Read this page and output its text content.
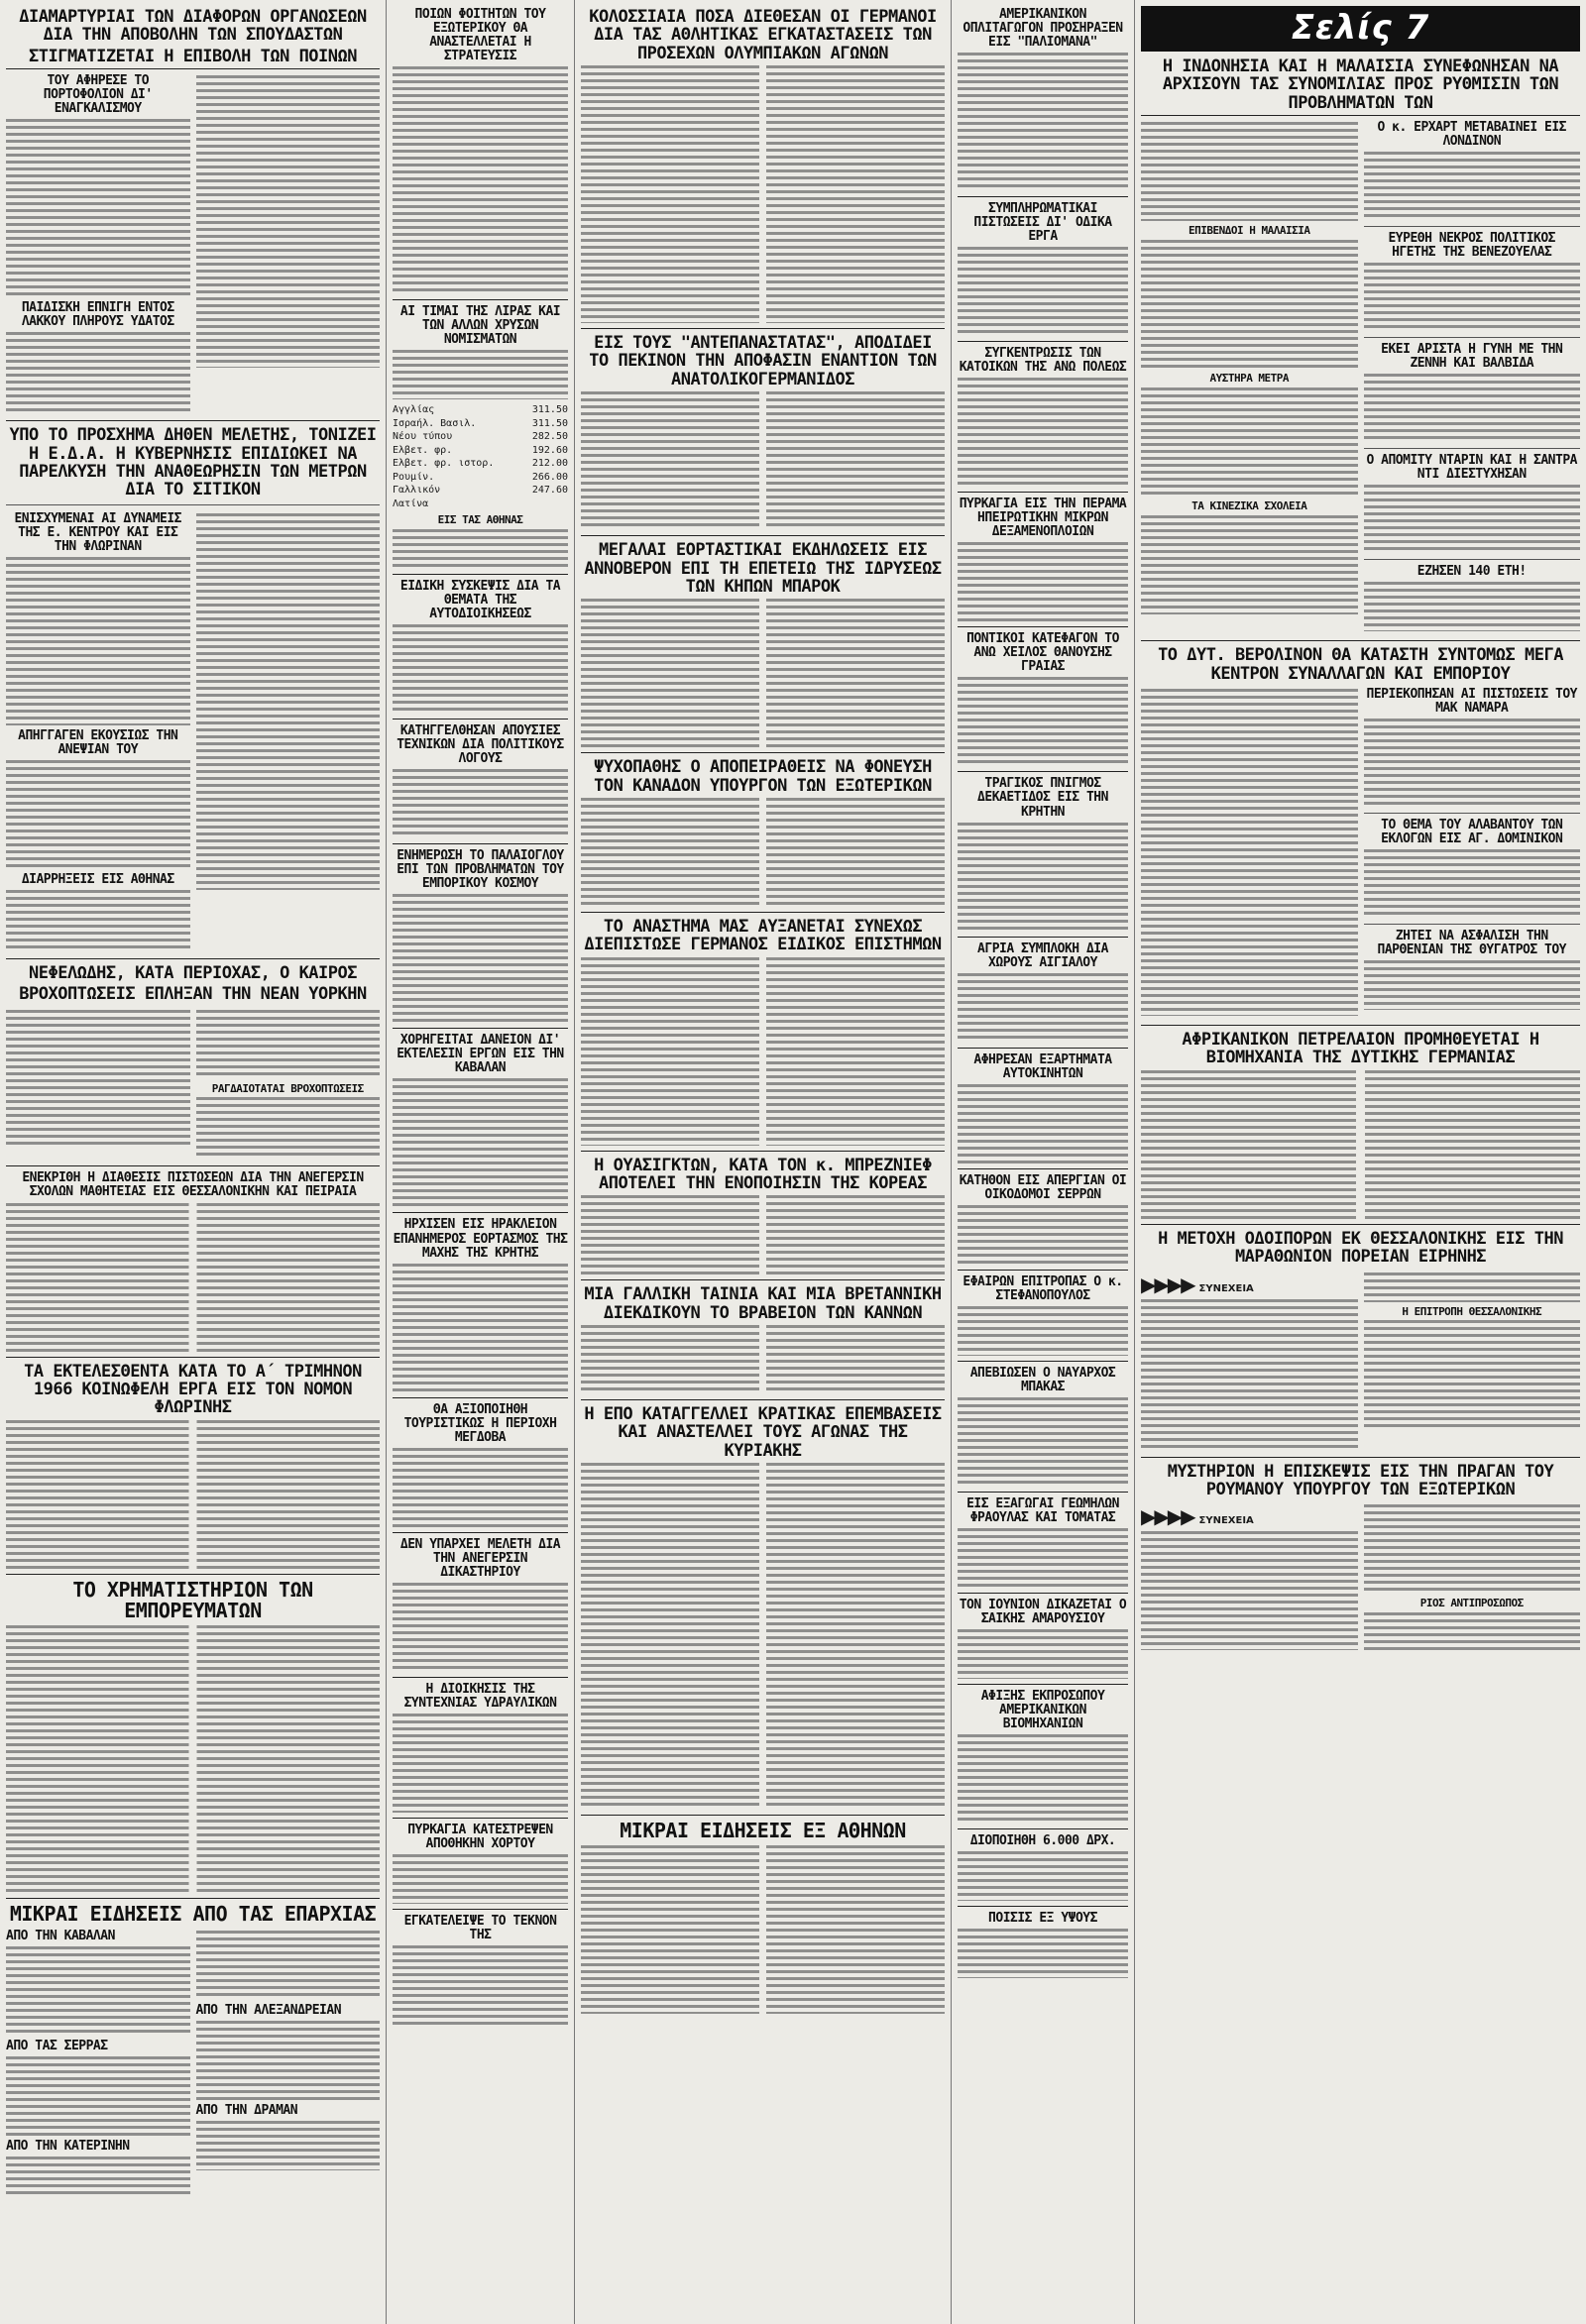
ΔΙΑΜΑΡΤΥΡΙΑΙ ΤΩΝ ΔΙΑΦΟΡΩΝ ΟΡΓΑΝΩΣΕΩΝ ΔΙΑ ΤΗΝ ΑΠΟΒΟΛΗΝ ΤΩΝ ΣΠΟΥΔΑΣΤΩΝ
ΣΤΙΓΜΑΤΙΖΕΤΑΙ Η ΕΠΙΒΟΛΗ ΤΩΝ ΠΟΙΝΩΝ
ΤΟΥ ΑΦΗΡΕΣΕ ΤΟ ΠΟΡΤΟΦΟΛΙΟΝ ΔΙ' ΕΝΑΓΚΑΛΙΣΜΟΥ
ΠΑΙΔΙΣΚΗ ΕΠΝΙΓΗ ΕΝΤΟΣ ΛΑΚΚΟΥ ΠΛΗΡΟΥΣ ΥΔΑΤΟΣ
ΥΠΟ ΤΟ ΠΡΟΣΧΗΜΑ ΔΗΘΕΝ ΜΕΛΕΤΗΣ, ΤΟΝΙΖΕΙ Η Ε.Δ.Α. Η ΚΥΒΕΡΝΗΣΙΣ ΕΠΙΔΙΩΚΕΙ ΝΑ ΠΑΡΕΛΚΥΣΗ ΤΗΝ ΑΝΑΘΕΩΡΗΣΙΝ ΤΩΝ ΜΕΤΡΩΝ ΔΙΑ ΤΟ ΣΙΤΙΚΟΝ
ΕΝΙΣΧΥΜΕΝΑΙ ΑΙ ΔΥΝΑΜΕΙΣ ΤΗΣ Ε. ΚΕΝΤΡΟΥ ΚΑΙ ΕΙΣ ΤΗΝ ΦΛΩΡΙΝΑΝ
ΑΠΗΓΓΑΓΕΝ ΕΚΟΥΣΙΩΣ ΤΗΝ ΑΝΕΨΙΑΝ ΤΟΥ
ΔΙΑΡΡΗΞΕΙΣ ΕΙΣ ΑΘΗΝΑΣ
ΝΕΦΕΛΩΔΗΣ, ΚΑΤΑ ΠΕΡΙΟΧΑΣ, Ο ΚΑΙΡΟΣ
ΒΡΟΧΟΠΤΩΣΕΙΣ ΕΠΛΗΞΑΝ ΤΗΝ ΝΕΑΝ ΥΟΡΚΗΝ
ΡΑΓΔΑΙΟΤΑΤΑΙ ΒΡΟΧΟΠΤΩΣΕΙΣ
ΕΝΕΚΡΙΘΗ Η ΔΙΑΘΕΣΙΣ ΠΙΣΤΩΣΕΩΝ ΔΙΑ ΤΗΝ ΑΝΕΓΕΡΣΙΝ ΣΧΟΛΩΝ ΜΑΘΗΤΕΙΑΣ ΕΙΣ ΘΕΣΣΑΛΟΝΙΚΗΝ ΚΑΙ ΠΕΙΡΑΙΑ
ΤΑ ΕΚΤΕΛΕΣΘΕΝΤΑ ΚΑΤΑ ΤΟ Α΄ ΤΡΙΜΗΝΟΝ 1966 ΚΟΙΝΩΦΕΛΗ ΕΡΓΑ ΕΙΣ ΤΟΝ ΝΟΜΟΝ ΦΛΩΡΙΝΗΣ
ΤΟ ΧΡΗΜΑΤΙΣΤΗΡΙΟΝ ΤΩΝ ΕΜΠΟΡΕΥΜΑΤΩΝ
ΜΙΚΡΑΙ ΕΙΔΗΣΕΙΣ ΑΠΟ ΤΑΣ ΕΠΑΡΧΙΑΣ
ΑΠΟ ΤΗΝ ΚΑΒΑΛΑΝ
ΑΠΟ ΤΑΣ ΣΕΡΡΑΣ
ΑΠΟ ΤΗΝ ΚΑΤΕΡΙΝΗΝ
ΑΠΟ ΤΗΝ ΑΛΕΞΑΝΔΡΕΙΑΝ
ΑΠΟ ΤΗΝ ΔΡΑΜΑΝ
ΠΟΙΩΝ ΦΟΙΤΗΤΩΝ ΤΟΥ ΕΞΩΤΕΡΙΚΟΥ ΘΑ ΑΝΑΣΤΕΛΛΕΤΑΙ Η ΣΤΡΑΤΕΥΣΙΣ
ΑΙ ΤΙΜΑΙ ΤΗΣ ΛΙΡΑΣ ΚΑΙ ΤΩΝ ΑΛΛΩΝ ΧΡΥΣΩΝ ΝΟΜΙΣΜΑΤΩΝ
Αγγλίας	311.50
Ισραήλ. Βασιλ.	311.50
Νέου τύπου	282.50
Ελβετ. φρ.	192.60
Ελβετ. φρ. ιστορ.	212.00
Ρουμίν.	266.00
Γαλλικόν	247.60
Λατίνα
ΕΙΣ ΤΑΣ ΑΘΗΝΑΣ
ΕΙΔΙΚΗ ΣΥΣΚΕΨΙΣ ΔΙΑ ΤΑ ΘΕΜΑΤΑ ΤΗΣ ΑΥΤΟΔΙΟΙΚΗΣΕΩΣ
ΚΑΤΗΓΓΕΛΘΗΣΑΝ ΑΠΟΥΣΙΕΣ ΤΕΧΝΙΚΩΝ ΔΙΑ ΠΟΛΙΤΙΚΟΥΣ ΛΟΓΟΥΣ
ΕΝΗΜΕΡΩΣΗ ΤΟ ΠΑΛΑΙΟΓΛΟΥ ΕΠΙ ΤΩΝ ΠΡΟΒΛΗΜΑΤΩΝ ΤΟΥ ΕΜΠΟΡΙΚΟΥ ΚΟΣΜΟΥ
ΧΟΡΗΓΕΙΤΑΙ ΔΑΝΕΙΟΝ ΔΙ' ΕΚΤΕΛΕΣΙΝ ΕΡΓΩΝ ΕΙΣ ΤΗΝ ΚΑΒΑΛΑΝ
ΗΡΧΙΣΕΝ ΕΙΣ ΗΡΑΚΛΕΙΟΝ ΕΠΑΝΗΜΕΡΟΣ ΕΟΡΤΑΣΜΟΣ ΤΗΣ ΜΑΧΗΣ ΤΗΣ ΚΡΗΤΗΣ
ΘΑ ΑΞΙΟΠΟΙΗΘΗ ΤΟΥΡΙΣΤΙΚΩΣ Η ΠΕΡΙΟΧΗ ΜΕΓΔΟΒΑ
ΔΕΝ ΥΠΑΡΧΕΙ ΜΕΛΕΤΗ ΔΙΑ ΤΗΝ ΑΝΕΓΕΡΣΙΝ ΔΙΚΑΣΤΗΡΙΟΥ
Η ΔΙΟΙΚΗΣΙΣ ΤΗΣ ΣΥΝΤΕΧΝΙΑΣ ΥΔΡΑΥΛΙΚΩΝ
ΠΥΡΚΑΓΙΑ ΚΑΤΕΣΤΡΕΨΕΝ ΑΠΟΘΗΚΗΝ ΧΟΡΤΟΥ
ΕΓΚΑΤΕΛΕΙΨΕ ΤΟ ΤΕΚΝΟΝ ΤΗΣ
ΚΟΛΟΣΣΙΑΙΑ ΠΟΣΑ ΔΙΕΘΕΣΑΝ ΟΙ ΓΕΡΜΑΝΟΙ ΔΙΑ ΤΑΣ ΑΘΛΗΤΙΚΑΣ ΕΓΚΑΤΑΣΤΑΣΕΙΣ ΤΩΝ ΠΡΟΣΕΧΩΝ ΟΛΥΜΠΙΑΚΩΝ ΑΓΩΝΩΝ
ΕΙΣ ΤΟΥΣ "ΑΝΤΕΠΑΝΑΣΤΑΤΑΣ", ΑΠΟΔΙΔΕΙ ΤΟ ΠΕΚΙΝΟΝ ΤΗΝ ΑΠΟΦΑΣΙΝ ΕΝΑΝΤΙΟΝ ΤΩΝ ΑΝΑΤΟΛΙΚΟΓΕΡΜΑΝΙΔΟΣ
ΜΕΓΑΛΑΙ ΕΟΡΤΑΣΤΙΚΑΙ ΕΚΔΗΛΩΣΕΙΣ ΕΙΣ ΑΝΝΟΒΕΡΟΝ ΕΠΙ ΤΗ ΕΠΕΤΕΙΩ ΤΗΣ ΙΔΡΥΣΕΩΣ ΤΩΝ ΚΗΠΩΝ ΜΠΑΡΟΚ
ΨΥΧΟΠΑΘΗΣ Ο ΑΠΟΠΕΙΡΑΘΕΙΣ ΝΑ ΦΟΝΕΥΣΗ ΤΟΝ ΚΑΝΑΔΟΝ ΥΠΟΥΡΓΟΝ ΤΩΝ ΕΞΩΤΕΡΙΚΩΝ
ΤΟ ΑΝΑΣΤΗΜΑ ΜΑΣ ΑΥΞΑΝΕΤΑΙ ΣΥΝΕΧΩΣ ΔΙΕΠΙΣΤΩΣΕ ΓΕΡΜΑΝΟΣ ΕΙΔΙΚΟΣ ΕΠΙΣΤΗΜΩΝ
Η ΟΥΑΣΙΓΚΤΩΝ, ΚΑΤΑ ΤΟΝ κ. ΜΠΡΕΖΝΙΕΦ ΑΠΟΤΕΛΕΙ ΤΗΝ ΕΝΟΠΟΙΗΣΙΝ ΤΗΣ ΚΟΡΕΑΣ
ΜΙΑ ΓΑΛΛΙΚΗ ΤΑΙΝΙΑ ΚΑΙ ΜΙΑ ΒΡΕΤΑΝΝΙΚΗ ΔΙΕΚΔΙΚΟΥΝ ΤΟ ΒΡΑΒΕΙΟΝ ΤΩΝ ΚΑΝΝΩΝ
Η ΕΠΟ ΚΑΤΑΓΓΕΛΛΕΙ ΚΡΑΤΙΚΑΣ ΕΠΕΜΒΑΣΕΙΣ ΚΑΙ ΑΝΑΣΤΕΛΛΕΙ ΤΟΥΣ ΑΓΩΝΑΣ ΤΗΣ ΚΥΡΙΑΚΗΣ
ΜΙΚΡΑΙ ΕΙΔΗΣΕΙΣ ΕΞ ΑΘΗΝΩΝ
ΑΜΕΡΙΚΑΝΙΚΟΝ ΟΠΛΙΤΑΓΩΓΟΝ ΠΡΟΣΗΡΑΞΕΝ ΕΙΣ "ΠΑΛΙΟΜΑΝΑ"
ΣΥΜΠΛΗΡΩΜΑΤΙΚΑΙ ΠΙΣΤΩΣΕΙΣ ΔΙ' ΟΔΙΚΑ ΕΡΓΑ
ΣΥΓΚΕΝΤΡΩΣΙΣ ΤΩΝ ΚΑΤΟΙΚΩΝ ΤΗΣ ΑΝΩ ΠΟΛΕΩΣ
ΠΥΡΚΑΓΙΑ ΕΙΣ ΤΗΝ ΠΕΡΑΜΑ ΗΠΕΙΡΩΤΙΚΗΝ ΜΙΚΡΩΝ ΔΕΞΑΜΕΝΟΠΛΟΙΩΝ
ΠΟΝΤΙΚΟΙ ΚΑΤΕΦΑΓΟΝ ΤΟ ΑΝΩ ΧΕΙΛΟΣ ΘΑΝΟΥΣΗΣ ΓΡΑΙΑΣ
ΤΡΑΓΙΚΟΣ ΠΝΙΓΜΟΣ ΔΕΚΑΕΤΙΔΟΣ ΕΙΣ ΤΗΝ ΚΡΗΤΗΝ
ΑΓΡΙΑ ΣΥΜΠΛΟΚΗ ΔΙΑ ΧΩΡΟΥΣ ΑΙΓΙΑΛΟΥ
ΑΦΗΡΕΣΑΝ ΕΞΑΡΤΗΜΑΤΑ ΑΥΤΟΚΙΝΗΤΩΝ
ΚΑΤΗΘΟΝ ΕΙΣ ΑΠΕΡΓΙΑΝ ΟΙ ΟΙΚΟΔΟΜΟΙ ΣΕΡΡΩΝ
ΕΦΑΙΡΩΝ ΕΠΙΤΡΟΠΑΣ Ο κ. ΣΤΕΦΑΝΟΠΟΥΛΟΣ
ΑΠΕΒΙΩΣΕΝ Ο ΝΑΥΑΡΧΟΣ ΜΠΑΚΑΣ
ΕΙΣ ΕΞΑΓΩΓΑΙ ΓΕΩΜΗΛΩΝ ΦΡΑΟΥΛΑΣ ΚΑΙ ΤΟΜΑΤΑΣ
ΤΟΝ ΙΟΥΝΙΟΝ ΔΙΚΑΖΕΤΑΙ Ο ΣΑΙΚΗΣ ΑΜΑΡΟΥΣΙΟΥ
ΑΦΙΞΗΣ ΕΚΠΡΟΣΩΠΟΥ ΑΜΕΡΙΚΑΝΙΚΩΝ ΒΙΟΜΗΧΑΝΙΩΝ
ΔΙΟΠΟΙΗΘΗ 6.000 ΔΡΧ.
ΠΟΙΣΙΣ ΕΞ ΥΨΟΥΣ
Σελίς 7
Η ΙΝΔΟΝΗΣΙΑ ΚΑΙ Η ΜΑΛΑΙΣΙΑ ΣΥΝΕΦΩΝΗΣΑΝ ΝΑ ΑΡΧΙΣΟΥΝ ΤΑΣ ΣΥΝΟΜΙΛΙΑΣ ΠΡΟΣ ΡΥΘΜΙΣΙΝ ΤΩΝ ΠΡΟΒΛΗΜΑΤΩΝ ΤΩΝ
ΕΠΙΒΕΝΔΟΙ Η ΜΑΛΑΙΣΙΑ
ΑΥΣΤΗΡΑ ΜΕΤΡΑ
ΤΑ ΚΙΝΕΖΙΚΑ ΣΧΟΛΕΙΑ
Ο κ. ΕΡΧΑΡΤ ΜΕΤΑΒΑΙΝΕΙ ΕΙΣ ΛΟΝΔΙΝΟΝ
ΕΥΡΕΘΗ ΝΕΚΡΟΣ ΠΟΛΙΤΙΚΟΣ ΗΓΕΤΗΣ ΤΗΣ ΒΕΝΕΖΟΥΕΛΑΣ
ΕΚΕΙ ΑΡΙΣΤΑ Η ΓΥΝΗ ΜΕ ΤΗΝ ΖΕΝΝΗ ΚΑΙ ΒΑΛΒΙΔΑ
Ο ΑΠΟΜΙΤΥ ΝΤΑΡΙΝ ΚΑΙ Η ΣΑΝΤΡΑ ΝΤΙ ΔΙΕΣΤΥΧΗΣΑΝ
ΕΖΗΣΕΝ 140 ΕΤΗ!
ΤΟ ΔΥΤ. ΒΕΡΟΛΙΝΟΝ ΘΑ ΚΑΤΑΣΤΗ ΣΥΝΤΟΜΩΣ ΜΕΓΑ ΚΕΝΤΡΟΝ ΣΥΝΑΛΛΑΓΩΝ ΚΑΙ ΕΜΠΟΡΙΟΥ
ΠΕΡΙΕΚΟΠΗΣΑΝ ΑΙ ΠΙΣΤΩΣΕΙΣ ΤΟΥ ΜΑΚ ΝΑΜΑΡΑ
ΤΟ ΘΕΜΑ ΤΟΥ ΑΛΑΒΑΝΤΟΥ ΤΩΝ ΕΚΛΟΓΩΝ ΕΙΣ ΑΓ. ΔΟΜΙΝΙΚΟΝ
ΖΗΤΕΙ ΝΑ ΑΣΦΑΛΙΣΗ ΤΗΝ ΠΑΡΘΕΝΙΑΝ ΤΗΣ ΘΥΓΑΤΡΟΣ ΤΟΥ
ΑΦΡΙΚΑΝΙΚΟΝ ΠΕΤΡΕΛΑΙΟΝ ΠΡΟΜΗΘΕΥΕΤΑΙ Η ΒΙΟΜΗΧΑΝΙΑ ΤΗΣ ΔΥΤΙΚΗΣ ΓΕΡΜΑΝΙΑΣ
Η ΜΕΤΟΧΗ ΟΔΟΙΠΟΡΩΝ ΕΚ ΘΕΣΣΑΛΟΝΙΚΗΣ ΕΙΣ ΤΗΝ ΜΑΡΑΘΩΝΙΟΝ ΠΟΡΕΙΑΝ ΕΙΡΗΝΗΣ
▶▶▶▶ ΣΥΝΕΧΕΙΑ
Η ΕΠΙΤΡΟΠΗ ΘΕΣΣΑΛΟΝΙΚΗΣ
ΜΥΣΤΗΡΙΟΝ Η ΕΠΙΣΚΕΨΙΣ ΕΙΣ ΤΗΝ ΠΡΑΓΑΝ ΤΟΥ ΡΟΥΜΑΝΟΥ ΥΠΟΥΡΓΟΥ ΤΩΝ ΕΞΩΤΕΡΙΚΩΝ
▶▶▶▶ ΣΥΝΕΧΕΙΑ
ΡΙΟΣ ΑΝΤΙΠΡΟΣΩΠΟΣ
